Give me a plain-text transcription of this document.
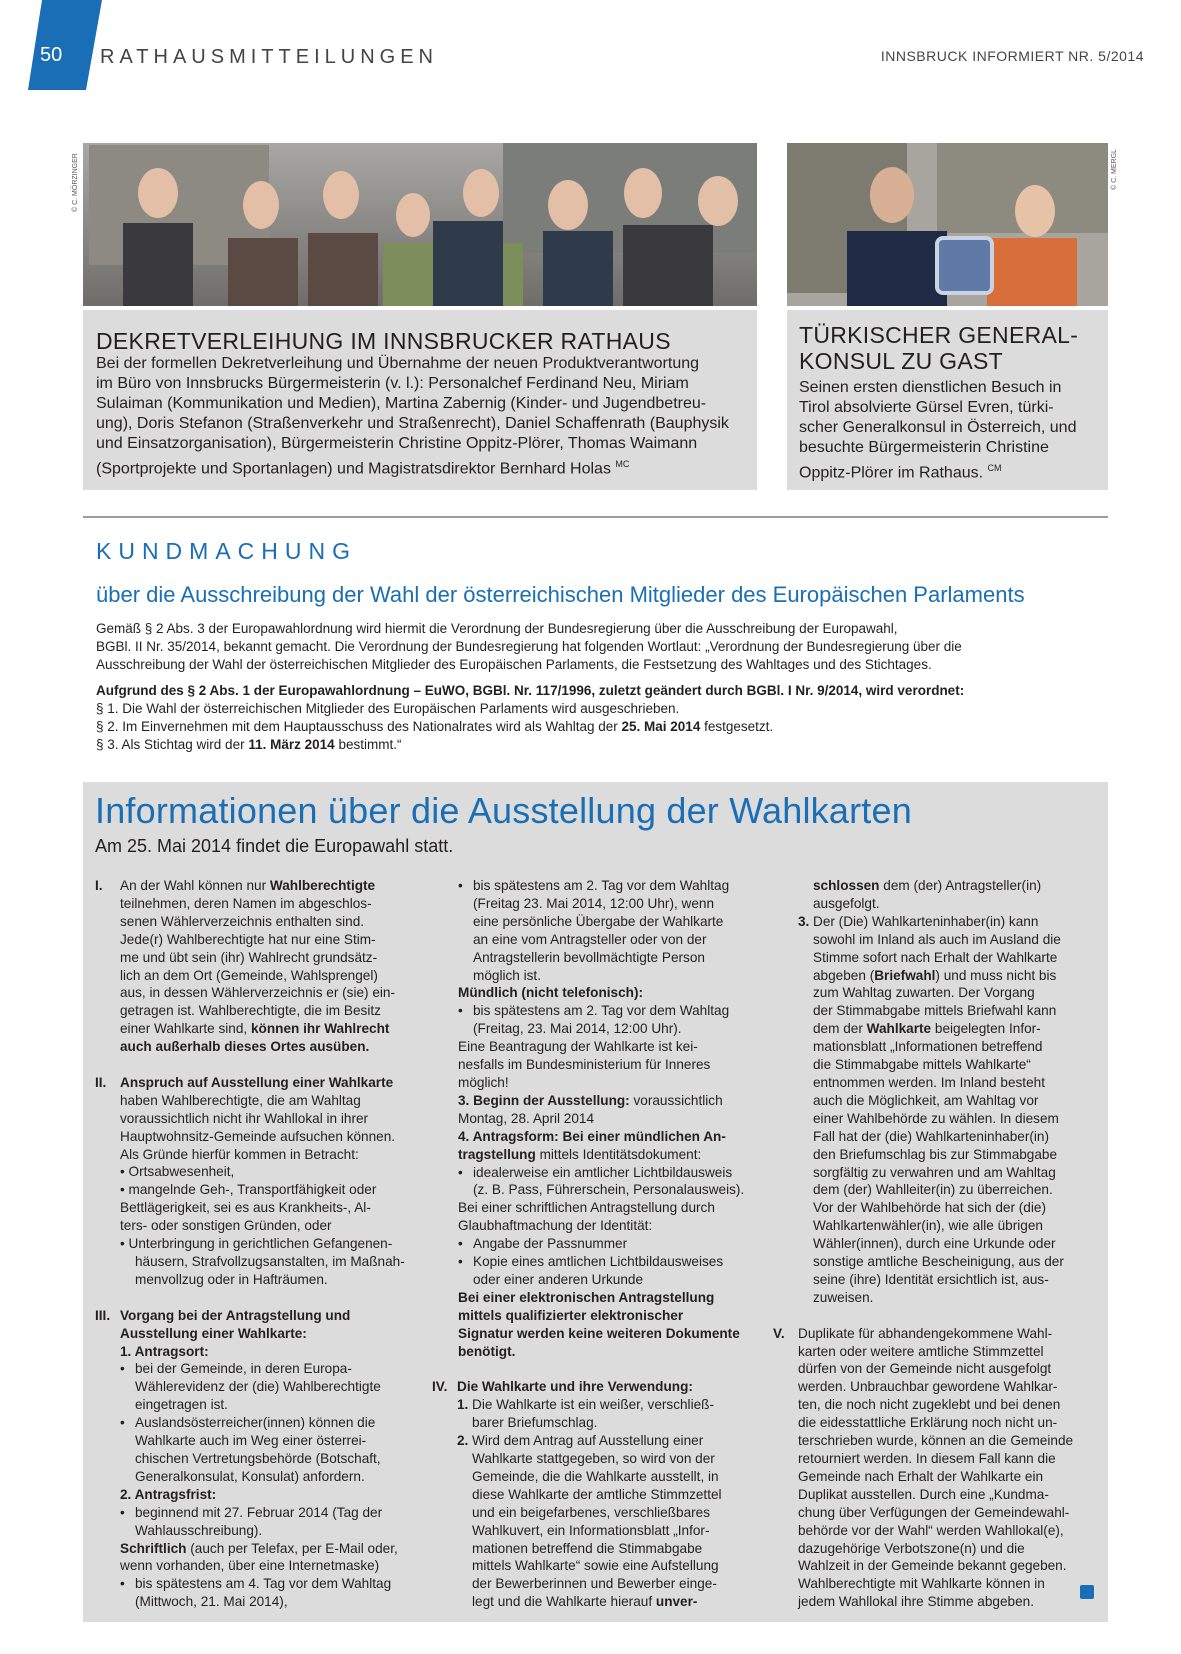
50	RATHAUSMITTEILUNGEN	INNSBRUCK INFORMIERT NR. 5/2014
© C. MÖRZINGER
DEKRETVERLEIHUNG IM INNSBRUCKER RATHAUS
Bei der formellen Dekretverleihung und Übernahme der neuen Produktverantwortung
im Büro von Innsbrucks Bürgermeisterin (v. l.): Personalchef Ferdinand Neu, Miriam
Sulaiman (Kommunikation und Medien), Martina Zabernig (Kinder- und Jugendbetreu-
ung), Doris Stefanon (Straßenverkehr und Straßenrecht), Daniel Schaffenrath (Bauphysik
und Einsatzorganisation), Bürgermeisterin Christine Oppitz-Plörer, Thomas Waimann
(Sportprojekte und Sportanlagen) und Magistratsdirektor Bernhard Holas $^{MC}$
© C. MERGL
TÜRKISCHER GENERAL-
KONSUL ZU GAST
Seinen ersten dienstlichen Besuch in
Tirol absolvierte Gürsel Evren, türki-
scher Generalkonsul in Österreich, und
besuchte Bürgermeisterin Christine
Oppitz-Plörer im Rathaus. $^{CM}$
KUNDMACHUNG
über die Ausschreibung der Wahl der österreichischen Mitglieder des Europäischen Parlaments
Gemäß § 2 Abs. 3 der Europawahlordnung wird hiermit die Verordnung der Bundesregierung über die Ausschreibung der Europawahl,
BGBl. II Nr. 35/2014, bekannt gemacht. Die Verordnung der Bundesregierung hat folgenden Wortlaut: „Verordnung der Bundesregierung über die
Ausschreibung der Wahl der österreichischen Mitglieder des Europäischen Parlaments, die Festsetzung des Wahltages und des Stichtages.
Aufgrund des § 2 Abs. 1 der Europawahlordnung – EuWO, BGBl. Nr. 117/1996, zuletzt geändert durch BGBl. I Nr. 9/2014, wird verordnet:
§ 1. Die Wahl der österreichischen Mitglieder des Europäischen Parlaments wird ausgeschrieben.
§ 2. Im Einvernehmen mit dem Hauptausschuss des Nationalrates wird als Wahltag der 25. Mai 2014 festgesetzt.
§ 3. Als Stichtag wird der 11. März 2014 bestimmt.“
Informationen über die Ausstellung der Wahlkarten
Am 25. Mai 2014 findet die Europawahl statt.
I. An der Wahl können nur Wahlberechtigte
teilnehmen, deren Namen im abgeschlos-
senen Wählerverzeichnis enthalten sind.
Jede(r) Wahlberechtigte hat nur eine Stim-
me und übt sein (ihr) Wahlrecht grundsätz-
lich an dem Ort (Gemeinde, Wahlsprengel)
aus, in dessen Wählerverzeichnis er (sie) ein-
getragen ist. Wahlberechtigte, die im Besitz
einer Wahlkarte sind, können ihr Wahlrecht
auch außerhalb dieses Ortes ausüben.
II. Anspruch auf Ausstellung einer Wahlkarte
haben Wahlberechtigte, die am Wahltag
voraussichtlich nicht ihr Wahllokal in ihrer
Hauptwohnsitz-Gemeinde aufsuchen können.
Als Gründe hierfür kommen in Betracht:
• Ortsabwesenheit,
• mangelnde Geh-, Transportfähigkeit oder
Bettlägerigkeit, sei es aus Krankheits-, Al-
ters- oder sonstigen Gründen, oder
• Unterbringung in gerichtlichen Gefangenen-
häusern, Strafvollzugsanstalten, im Maßnah-
menvollzug oder in Hafträumen.
III. Vorgang bei der Antragstellung und
Ausstellung einer Wahlkarte:
1. Antragsort:
• bei der Gemeinde, in deren Europa-
Wählerevidenz der (die) Wahlberechtigte
eingetragen ist.
• Auslandsösterreicher(innen) können die
Wahlkarte auch im Weg einer österrei-
chischen Vertretungsbehörde (Botschaft,
Generalkonsulat, Konsulat) anfordern.
2. Antragsfrist:
• beginnend mit 27. Februar 2014 (Tag der
Wahlausschreibung).
Schriftlich (auch per Telefax, per E-Mail oder,
wenn vorhanden, über eine Internetmaske)
• bis spätestens am 4. Tag vor dem Wahltag
(Mittwoch, 21. Mai 2014),
• bis spätestens am 2. Tag vor dem Wahltag
(Freitag 23. Mai 2014, 12:00 Uhr), wenn
eine persönliche Übergabe der Wahlkarte
an eine vom Antragsteller oder von der
Antragstellerin bevollmächtigte Person
möglich ist.
Mündlich (nicht telefonisch):
• bis spätestens am 2. Tag vor dem Wahltag
(Freitag, 23. Mai 2014, 12:00 Uhr).
Eine Beantragung der Wahlkarte ist kei-
nesfalls im Bundesministerium für Inneres
möglich!
3. Beginn der Ausstellung: voraussichtlich
Montag, 28. April 2014
4. Antragsform: Bei einer mündlichen An-
tragstellung mittels Identitätsdokument:
• idealerweise ein amtlicher Lichtbildausweis
(z. B. Pass, Führerschein, Personalausweis).
Bei einer schriftlichen Antragstellung durch
Glaubhaftmachung der Identität:
• Angabe der Passnummer
• Kopie eines amtlichen Lichtbildausweises
oder einer anderen Urkunde
Bei einer elektronischen Antragstellung
mittels qualifizierter elektronischer
Signatur werden keine weiteren Dokumente
benötigt.
IV. Die Wahlkarte und ihre Verwendung:
1. Die Wahlkarte ist ein weißer, verschließ-
barer Briefumschlag.
2. Wird dem Antrag auf Ausstellung einer
Wahlkarte stattgegeben, so wird von der
Gemeinde, die die Wahlkarte ausstellt, in
diese Wahlkarte der amtliche Stimmzettel
und ein beigefarbenes, verschließbares
Wahlkuvert, ein Informationsblatt „Infor-
mationen betreffend die Stimmabgabe
mittels Wahlkarte“ sowie eine Aufstellung
der Bewerberinnen und Bewerber einge-
legt und die Wahlkarte hierauf unver-
schlossen dem (der) Antragsteller(in)
ausgefolgt.
3. Der (Die) Wahlkarteninhaber(in) kann
sowohl im Inland als auch im Ausland die
Stimme sofort nach Erhalt der Wahlkarte
abgeben (Briefwahl) und muss nicht bis
zum Wahltag zuwarten. Der Vorgang
der Stimmabgabe mittels Briefwahl kann
dem der Wahlkarte beigelegten Infor-
mationsblatt „Informationen betreffend
die Stimmabgabe mittels Wahlkarte“
entnommen werden. Im Inland besteht
auch die Möglichkeit, am Wahltag vor
einer Wahlbehörde zu wählen. In diesem
Fall hat der (die) Wahlkarteninhaber(in)
den Briefumschlag bis zur Stimmabgabe
sorgfältig zu verwahren und am Wahltag
dem (der) Wahlleiter(in) zu überreichen.
Vor der Wahlbehörde hat sich der (die)
Wahlkartenwähler(in), wie alle übrigen
Wähler(innen), durch eine Urkunde oder
sonstige amtliche Bescheinigung, aus der
seine (ihre) Identität ersichtlich ist, aus-
zuweisen.
V. Duplikate für abhandengekommene Wahl-
karten oder weitere amtliche Stimmzettel
dürfen von der Gemeinde nicht ausgefolgt
werden. Unbrauchbar gewordene Wahlkar-
ten, die noch nicht zugeklebt und bei denen
die eidesstattliche Erklärung noch nicht un-
terschrieben wurde, können an die Gemeinde
retourniert werden. In diesem Fall kann die
Gemeinde nach Erhalt der Wahlkarte ein
Duplikat ausstellen. Durch eine „Kundma-
chung über Verfügungen der Gemeindewahl-
behörde vor der Wahl“ werden Wahllokal(e),
dazugehörige Verbotszone(n) und die
Wahlzeit in der Gemeinde bekannt gegeben.
Wahlberechtigte mit Wahlkarte können in
jedem Wahllokal ihre Stimme abgeben.
